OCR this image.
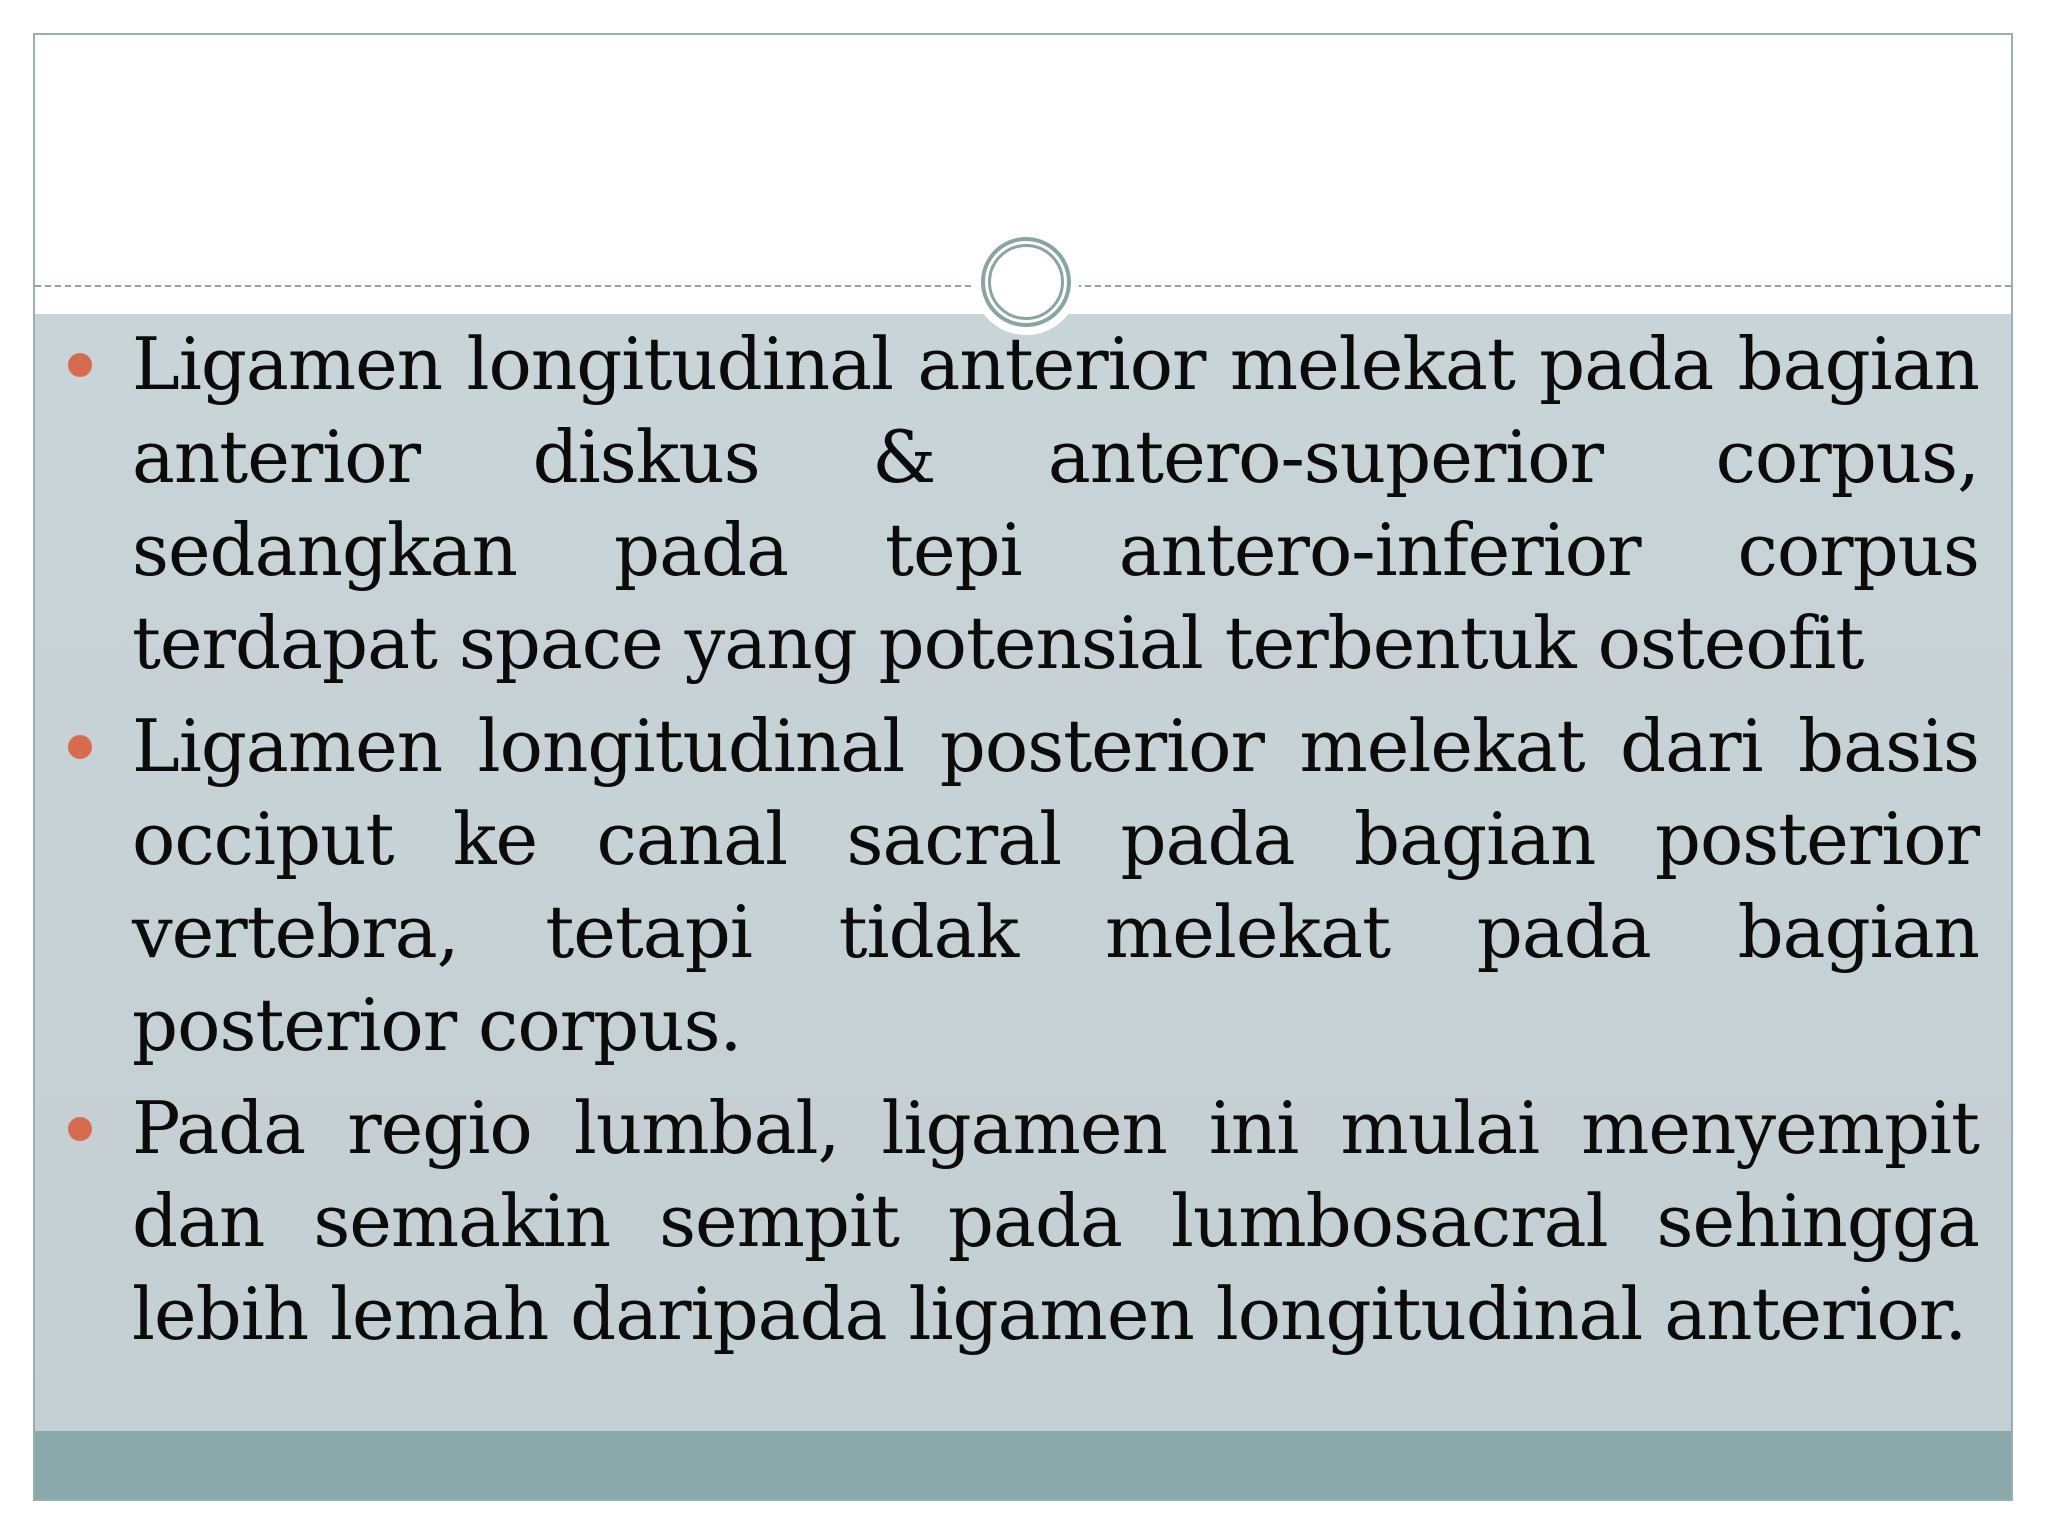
Ligamen longitudinal anterior melekat pada bagian anterior diskus & antero-superior corpus, sedangkan pada tepi antero-inferior corpus terdapat space yang potensial terbentuk osteofit
Ligamen longitudinal posterior melekat dari basis occiput ke canal sacral pada bagian posterior vertebra, tetapi tidak melekat pada bagian posterior corpus.
Pada regio lumbal, ligamen ini mulai menyempit dan semakin sempit pada lumbosacral sehingga lebih lemah daripada ligamen longitudinal anterior.
